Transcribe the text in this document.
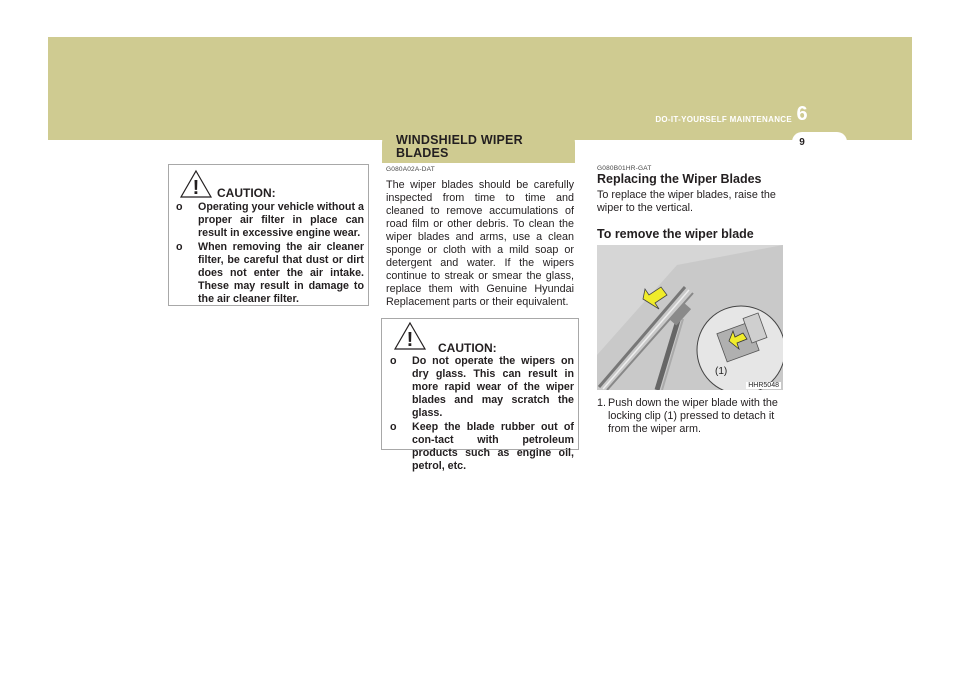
DO-IT-YOURSELF MAINTENANCE 6
9
! CAUTION:
o Operating your vehicle without a proper air filter in place can result in excessive engine wear.
o When removing the air cleaner filter, be careful that dust or dirt does not enter the air intake. These may result in damage to the air cleaner filter.
WINDSHIELD WIPER BLADES
G080A02A-DAT
The wiper blades should be carefully inspected from time to time and cleaned to remove accumulations of road film or other debris. To clean the wiper blades and arms, use a clean sponge or cloth with a mild soap or detergent and water. If the wipers continue to streak or smear the glass, replace them with Genuine Hyundai Replacement parts or their equivalent.
! CAUTION:
o Do not operate the wipers on dry glass. This can result in more rapid wear of the wiper blades and may scratch the glass.
o Keep the blade rubber out of con-tact with petroleum products such as engine oil, petrol, etc.
G080B01HR-GAT
Replacing the Wiper Blades
To replace the wiper blades, raise the wiper to the vertical.
To remove the wiper blade
(1)
HHR5048
1. Push down the wiper blade with the locking clip (1) pressed to detach it from the wiper arm.
